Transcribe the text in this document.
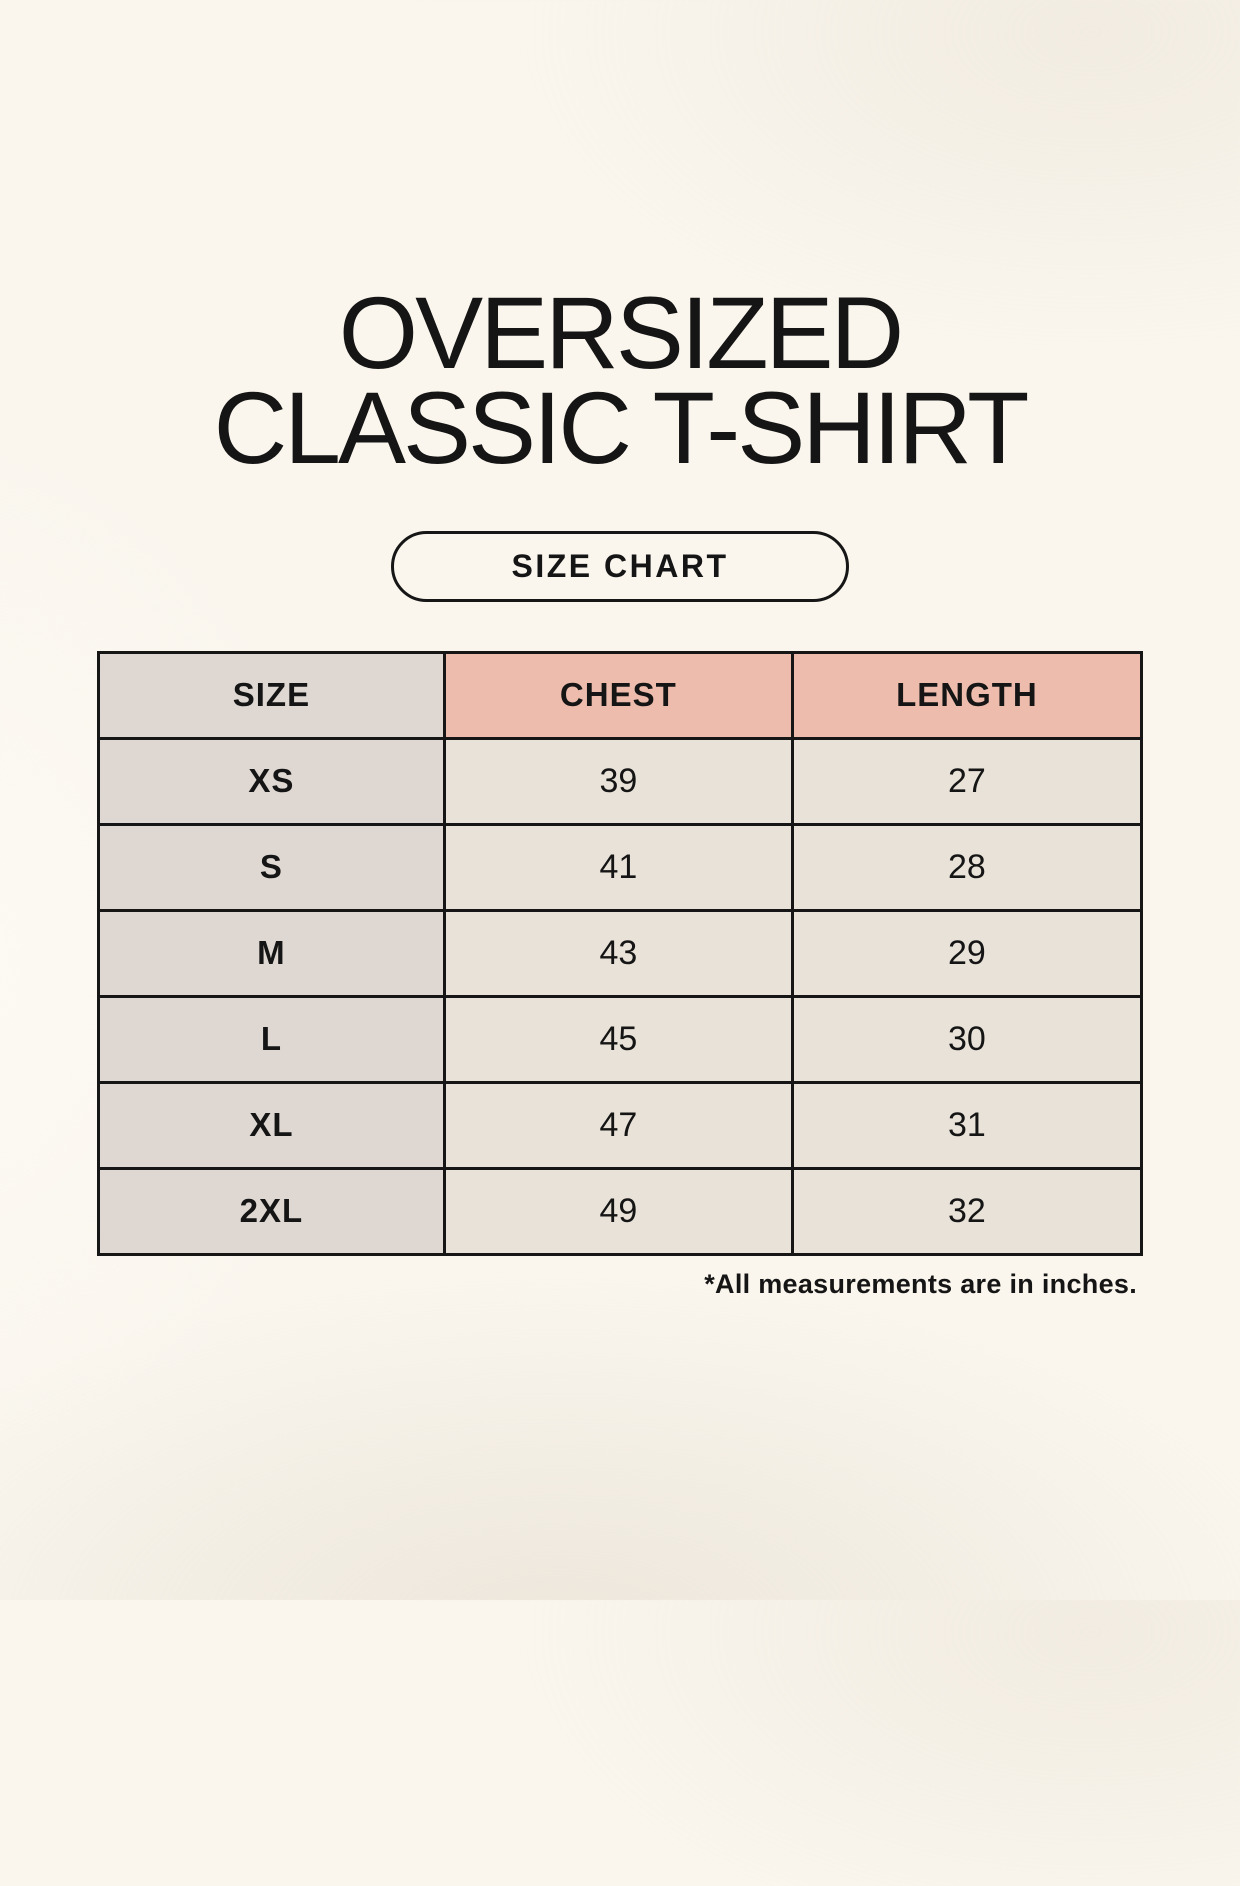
OVERSIZED
CLASSIC T-SHIRT
SIZE CHART
SIZE	CHEST	LENGTH
XS	39	27
S	41	28
M	43	29
L	45	30
XL	47	31
2XL	49	32
*All measurements are in inches.
